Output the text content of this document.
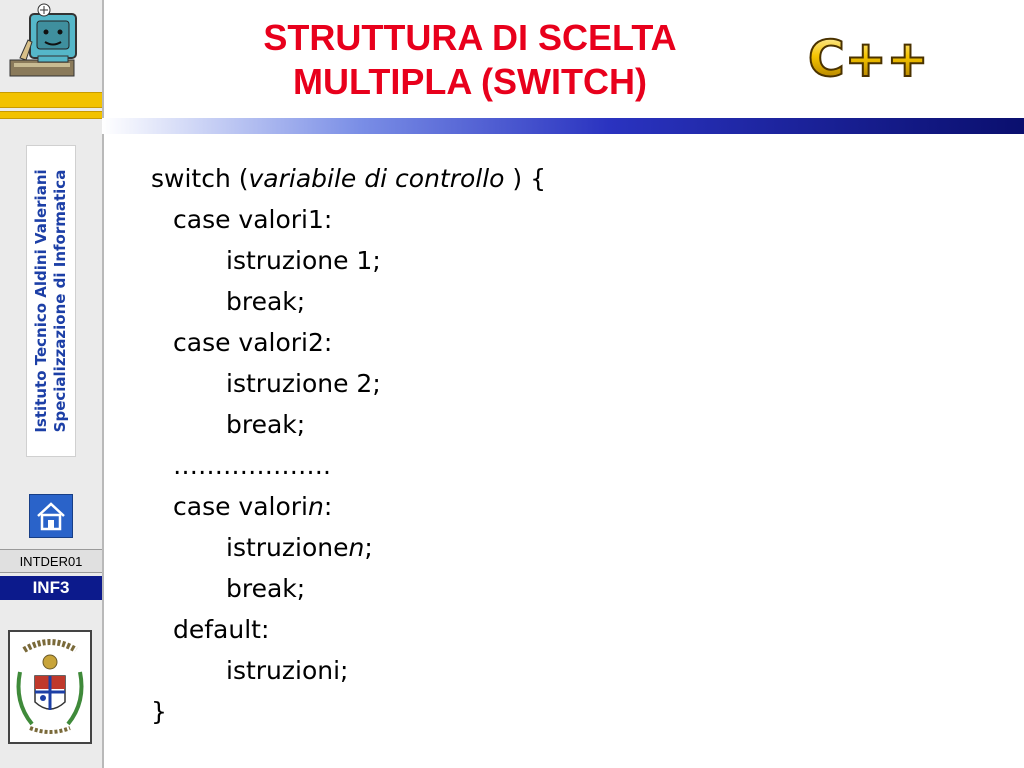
Istituto Tecnico Aldini Valeriani Specializzazione di Informatica
INTDER01
INF3
STRUTTURA DI SCELTA
MULTIPLA (SWITCH)	C++
switch (variabile di controllo ) {
case valori1:
istruzione 1;
break;
case valori2:
istruzione 2;
break;
……………….
case valorin:
istruzionen;
break;
default:
istruzioni;
}
